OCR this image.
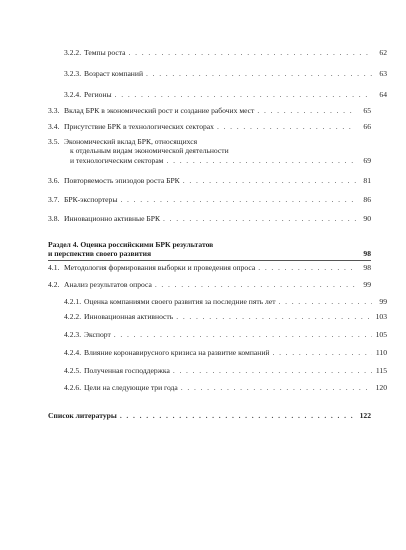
3.2.2. Темпы роста . . .	62
3.2.3. Возраст компаний . . .	63
3.2.4. Регионы . . .	64
3.3. Вклад БРК в экономический рост и создание рабочих мест . . .	65
3.4. Присутствие БРК в технологических секторах . . .	66
3.5. Экономический вклад БРК, относящихся
к отдельным видам экономической деятельности
и технологическим секторам . . .	69
3.6. Повторяемость эпизодов роста БРК . . .	81
3.7. БРК-экспортеры . . .	86
3.8. Инновационно активные БРК . . .	90
Раздел 4. Оценка российскими БРК результатов
и перспектив своего развития	98
4.1. Методология формирования выборки и проведения опроса . . .	98
4.2. Анализ результатов опроса . . .	99
4.2.1. Оценка компаниями своего развития за последние пять лет . . .	99
4.2.2. Инновационная активность . . .	103
4.2.3. Экспорт . . .	105
4.2.4. Влияние коронавирусного кризиса на развитие компаний . . .	110
4.2.5. Полученная господдержка . . .	115
4.2.6. Цели на следующие три года . . .	120
Список литературы . . .	122
